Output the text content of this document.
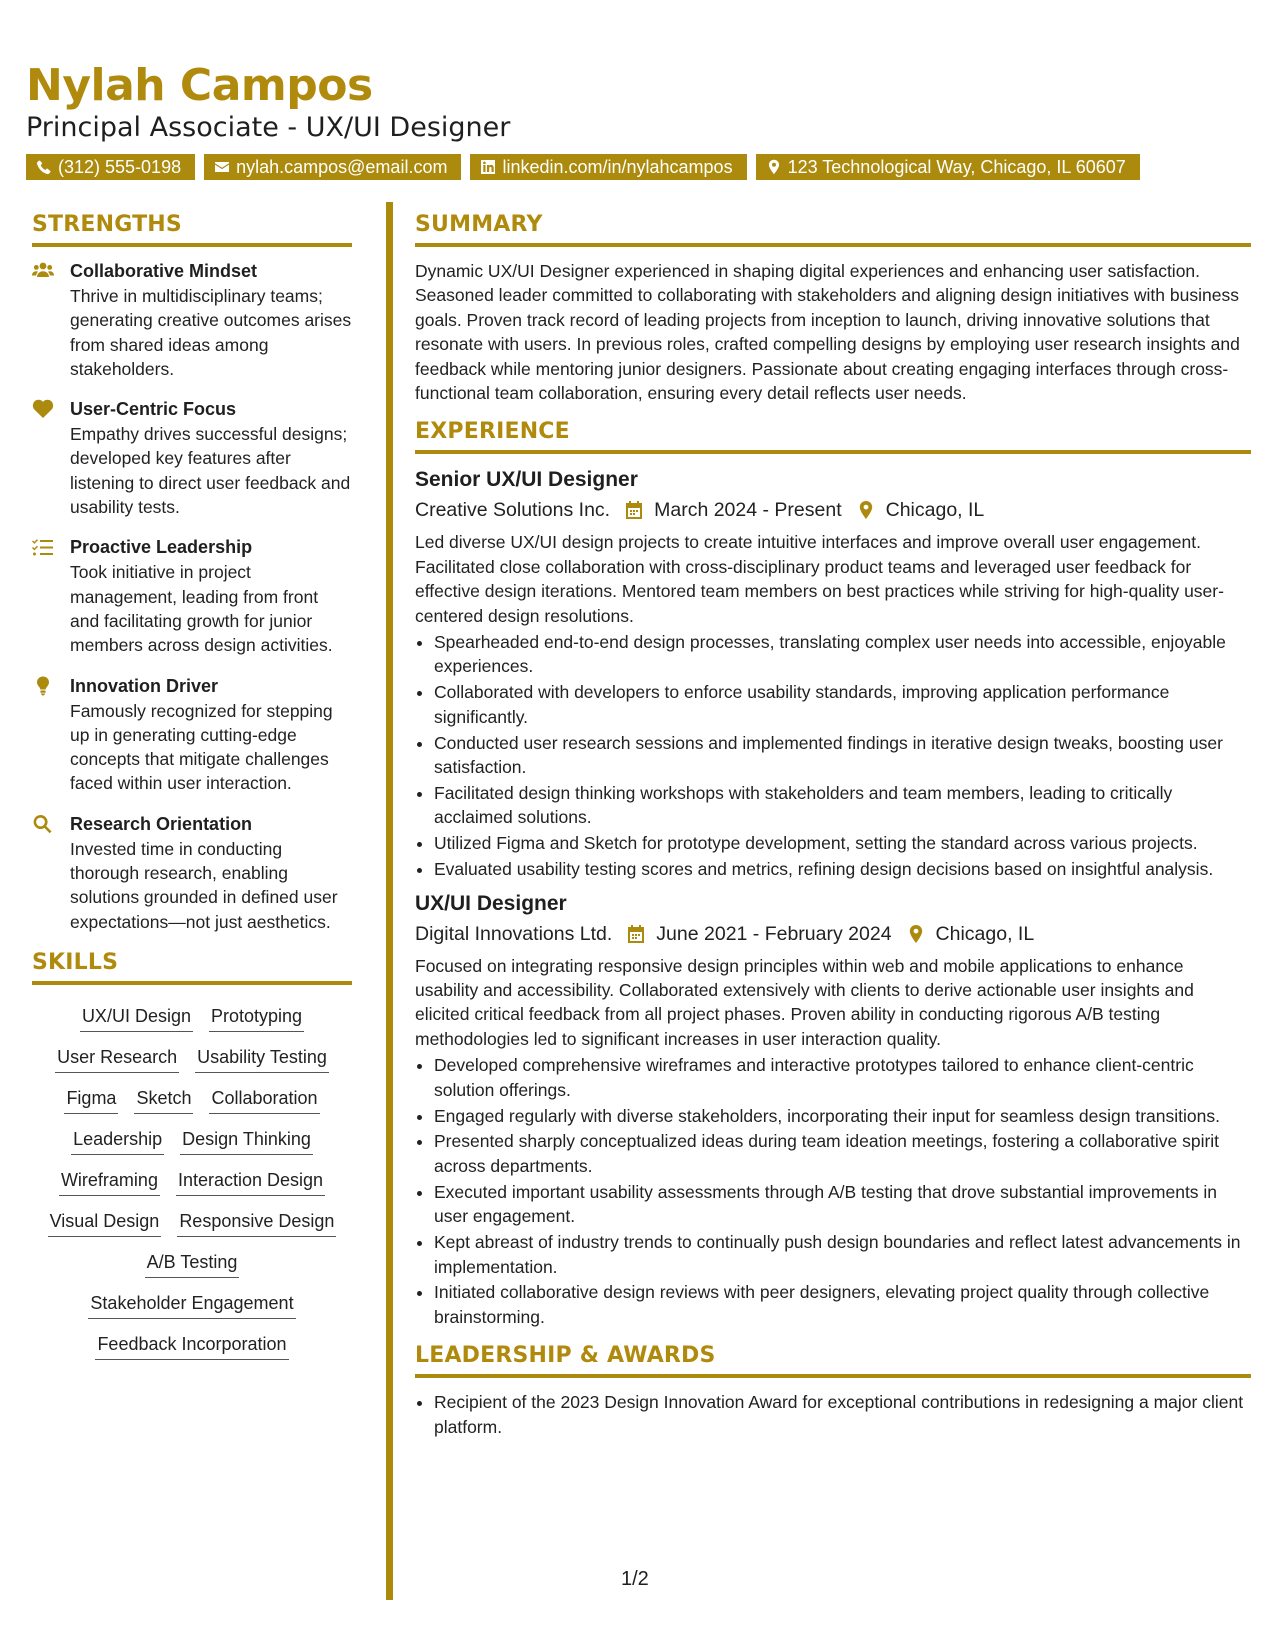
Nylah Campos
Principal Associate - UX/UI Designer
(312) 555-0198	nylah.campos@email.com	linkedin.com/in/nylahcampos	123 Technological Way, Chicago, IL 60607
STRENGTHS
Collaborative Mindset
Thrive in multidisciplinary teams; generating creative outcomes arises from shared ideas among stakeholders.
User-Centric Focus
Empathy drives successful designs; developed key features after listening to direct user feedback and usability tests.
Proactive Leadership
Took initiative in project management, leading from front and facilitating growth for junior members across design activities.
Innovation Driver
Famously recognized for stepping up in generating cutting-edge concepts that mitigate challenges faced within user interaction.
Research Orientation
Invested time in conducting thorough research, enabling solutions grounded in defined user expectations—not just aesthetics.
SKILLS
UX/UI Design Prototyping
User Research Usability Testing
Figma Sketch Collaboration
Leadership Design Thinking
Wireframing Interaction Design
Visual Design Responsive Design
A/B Testing
Stakeholder Engagement
Feedback Incorporation
SUMMARY
Dynamic UX/UI Designer experienced in shaping digital experiences and enhancing user satisfaction. Seasoned leader committed to collaborating with stakeholders and aligning design initiatives with business goals. Proven track record of leading projects from inception to launch, driving innovative solutions that resonate with users. In previous roles, crafted compelling designs by employing user research insights and feedback while mentoring junior designers. Passionate about creating engaging interfaces through cross-functional team collaboration, ensuring every detail reflects user needs.
EXPERIENCE
Senior UX/UI Designer
Creative Solutions Inc. March 2024 - Present Chicago, IL
Led diverse UX/UI design projects to create intuitive interfaces and improve overall user engagement. Facilitated close collaboration with cross-disciplinary product teams and leveraged user feedback for effective design iterations. Mentored team members on best practices while striving for high-quality user-centered design resolutions.
• Spearheaded end-to-end design processes, translating complex user needs into accessible, enjoyable experiences.
• Collaborated with developers to enforce usability standards, improving application performance significantly.
• Conducted user research sessions and implemented findings in iterative design tweaks, boosting user satisfaction.
• Facilitated design thinking workshops with stakeholders and team members, leading to critically acclaimed solutions.
• Utilized Figma and Sketch for prototype development, setting the standard across various projects.
• Evaluated usability testing scores and metrics, refining design decisions based on insightful analysis.
UX/UI Designer
Digital Innovations Ltd. June 2021 - February 2024 Chicago, IL
Focused on integrating responsive design principles within web and mobile applications to enhance usability and accessibility. Collaborated extensively with clients to derive actionable user insights and elicited critical feedback from all project phases. Proven ability in conducting rigorous A/B testing methodologies led to significant increases in user interaction quality.
• Developed comprehensive wireframes and interactive prototypes tailored to enhance client-centric solution offerings.
• Engaged regularly with diverse stakeholders, incorporating their input for seamless design transitions.
• Presented sharply conceptualized ideas during team ideation meetings, fostering a collaborative spirit across departments.
• Executed important usability assessments through A/B testing that drove substantial improvements in user engagement.
• Kept abreast of industry trends to continually push design boundaries and reflect latest advancements in implementation.
• Initiated collaborative design reviews with peer designers, elevating project quality through collective brainstorming.
LEADERSHIP & AWARDS
• Recipient of the 2023 Design Innovation Award for exceptional contributions in redesigning a major client platform.
1/2
